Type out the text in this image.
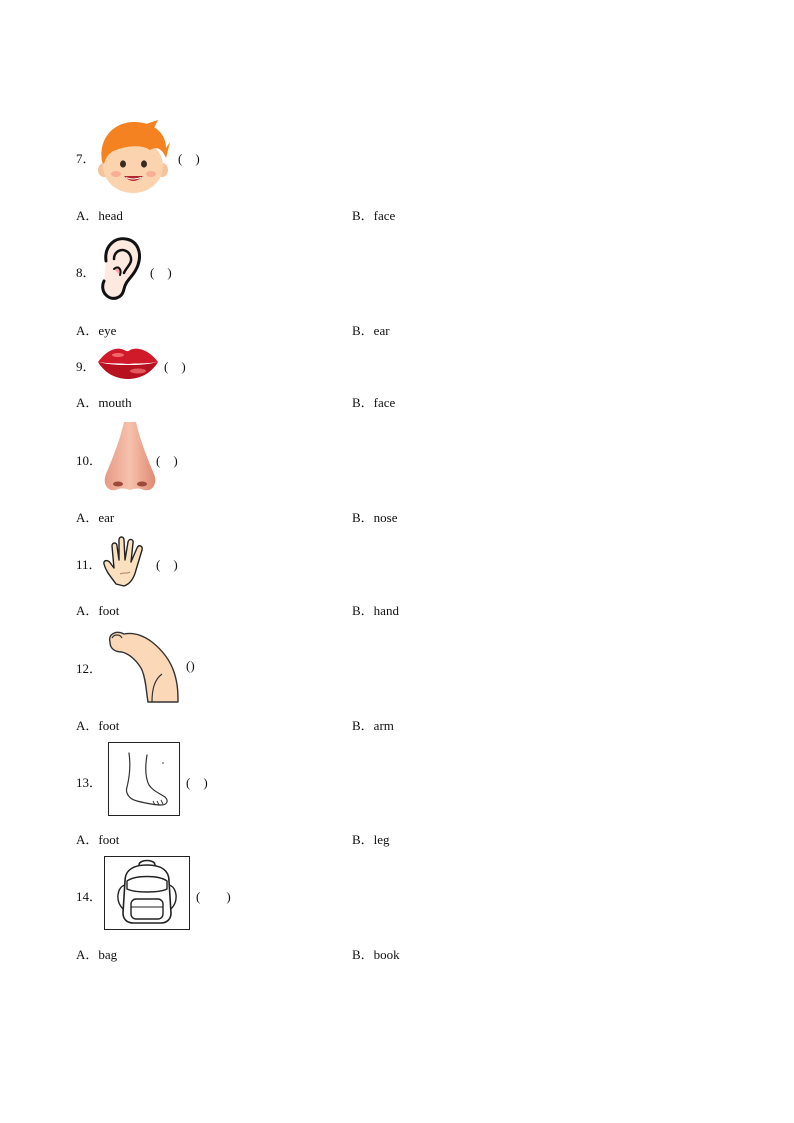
7．	(　)
A．head	B．face
8．	(　)
A．eye	B．ear
9．	(　)
A．mouth	B．face
10．	(　)
A．ear	B．nose
11．	(　)
A．foot	B．hand
12．	()
A．foot	B．arm
13．	(　)
A．foot	B．leg
14．	(　　)
A．bag	B．book
